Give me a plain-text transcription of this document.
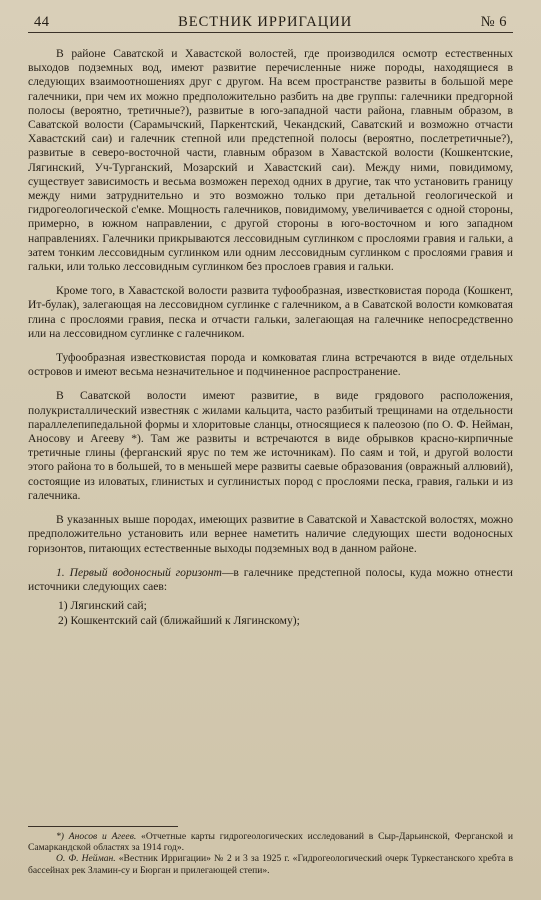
44	ВЕСТНИК ИРРИГАЦИИ	№ 6

В районе Саватской и Хавастской волостей, где производился осмотр естественных выходов подземных вод, имеют развитие перечисленные ниже породы, находящиеся в следующих взаимоотношениях друг с другом. На всем пространстве развиты в большой мере галечники, при чем их можно предположительно разбить на две группы: галечники предгорной полосы (вероятно, третичные?), развитые в юго-западной части района, главным образом, в Саватской волости (Сарамычский, Паркентский, Чекандский, Саватский и возможно отчасти Хавастский саи) и галечник степной или предстепной полосы (вероятно, послетретичные?), развитые в северо-восточной части, главным образом в Хавастской волости (Кошкентские, Лягинский, Уч-Турганский, Мозарский и Хавастский саи). Между ними, повидимому, существует зависимость и весьма возможен переход одних в другие, так что установить границу между ними затруднительно и это возможно только при детальной геологической и гидрогеологической с'емке. Мощность галечников, повидимому, увеличивается с одной стороны, примерно, в южном направлении, с другой стороны в юго-восточном и юго западном направлениях. Галечники прикрываются лессовидным суглинком с прослоями гравия и гальки, а затем тонким лессовидным суглинком или одним лессовидным суглинком с прослоями гравия и гальки, или только лессовидным суглинком без прослоев гравия и гальки.

Кроме того, в Хавастской волости развита туфообразная, известковистая порода (Кошкент, Ит-булак), залегающая на лессовидном суглинке с галечником, а в Саватской волости комковатая глина с прослоями гравия, песка и отчасти гальки, залегающая на галечнике непосредственно или на лессовидном суглинке с галечником.

Туфообразная известковистая порода и комковатая глина встречаются в виде отдельных островов и имеют весьма незначительное и подчиненное распространение.

В Саватской волости имеют развитие, в виде грядового расположения, полукристаллический известняк с жилами кальцита, часто разбитый трещинами на отдельности параллелепипедальной формы и хлоритовые сланцы, относящиеся к палеозою (по О. Ф. Нейман, Аносову и Агееву *). Там же развиты и встречаются в виде обрывков красно-кирпичные третичные глины (ферганский ярус по тем же источникам). По саям и той, и другой волости этого района то в большей, то в меньшей мере развиты саевые образования (овражный аллювий), состоящие из иловатых, глинистых и суглинистых пород с прослоями песка, гравия, гальки и из галечника.

В указанных выше породах, имеющих развитие в Саватской и Хавастской волостях, можно предположительно установить или вернее наметить наличие следующих шести водоносных горизонтов, питающих естественные выходы подземных вод в данном районе.

1. Первый водоносный горизонт—в галечнике предстепной полосы, куда можно отнести источники следующих саев:

1) Лягинский сай;
2) Кошкентский сай (ближайший к Лягинскому);

*) Аносов и Агеев. «Отчетные карты гидрогеологических исследований в Сыр-Дарьинской, Ферганской и Самаркандской областях за 1914 год».

О. Ф. Нейман. «Вестник Ирригации» № 2 и 3 за 1925 г. «Гидрогеологический очерк Туркестанского хребта в бассейнах рек Зламин-су и Бюрган и прилегающей степи».
